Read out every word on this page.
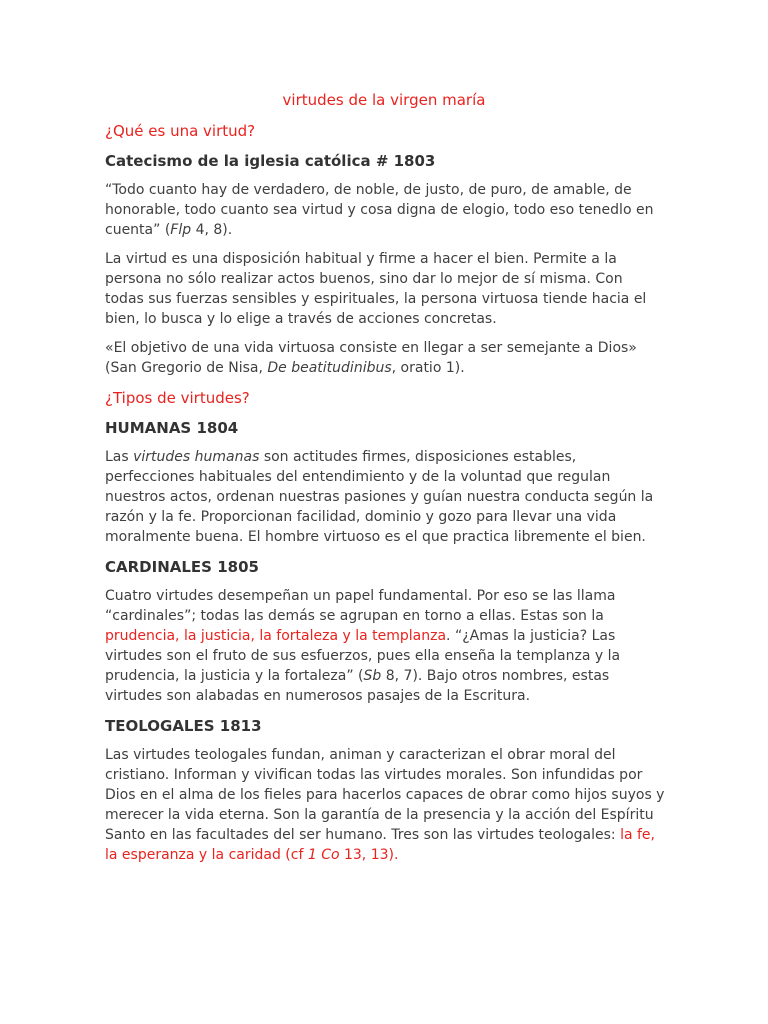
virtudes de la virgen maría
¿Qué es una virtud?
Catecismo de la iglesia católica # 1803

“Todo cuanto hay de verdadero, de noble, de justo, de puro, de amable, de honorable, todo cuanto sea virtud y cosa digna de elogio, todo eso tenedlo en cuenta” (Flp 4, 8).

La virtud es una disposición habitual y firme a hacer el bien. Permite a la persona no sólo realizar actos buenos, sino dar lo mejor de sí misma. Con todas sus fuerzas sensibles y espirituales, la persona virtuosa tiende hacia el bien, lo busca y lo elige a través de acciones concretas.

«El objetivo de una vida virtuosa consiste en llegar a ser semejante a Dios» (San Gregorio de Nisa, De beatitudinibus, oratio 1).

¿Tipos de virtudes?
HUMANAS 1804

Las virtudes humanas son actitudes firmes, disposiciones estables, perfecciones habituales del entendimiento y de la voluntad que regulan nuestros actos, ordenan nuestras pasiones y guían nuestra conducta según la razón y la fe. Proporcionan facilidad, dominio y gozo para llevar una vida moralmente buena. El hombre virtuoso es el que practica libremente el bien.

CARDINALES 1805

Cuatro virtudes desempeñan un papel fundamental. Por eso se las llama “cardinales”; todas las demás se agrupan en torno a ellas. Estas son la prudencia, la justicia, la fortaleza y la templanza. “¿Amas la justicia? Las virtudes son el fruto de sus esfuerzos, pues ella enseña la templanza y la prudencia, la justicia y la fortaleza” (Sb 8, 7). Bajo otros nombres, estas virtudes son alabadas en numerosos pasajes de la Escritura.

TEOLOGALES 1813

Las virtudes teologales fundan, animan y caracterizan el obrar moral del cristiano. Informan y vivifican todas las virtudes morales. Son infundidas por Dios en el alma de los fieles para hacerlos capaces de obrar como hijos suyos y merecer la vida eterna. Son la garantía de la presencia y la acción del Espíritu Santo en las facultades del ser humano. Tres son las virtudes teologales: la fe, la esperanza y la caridad (cf 1 Co 13, 13).
